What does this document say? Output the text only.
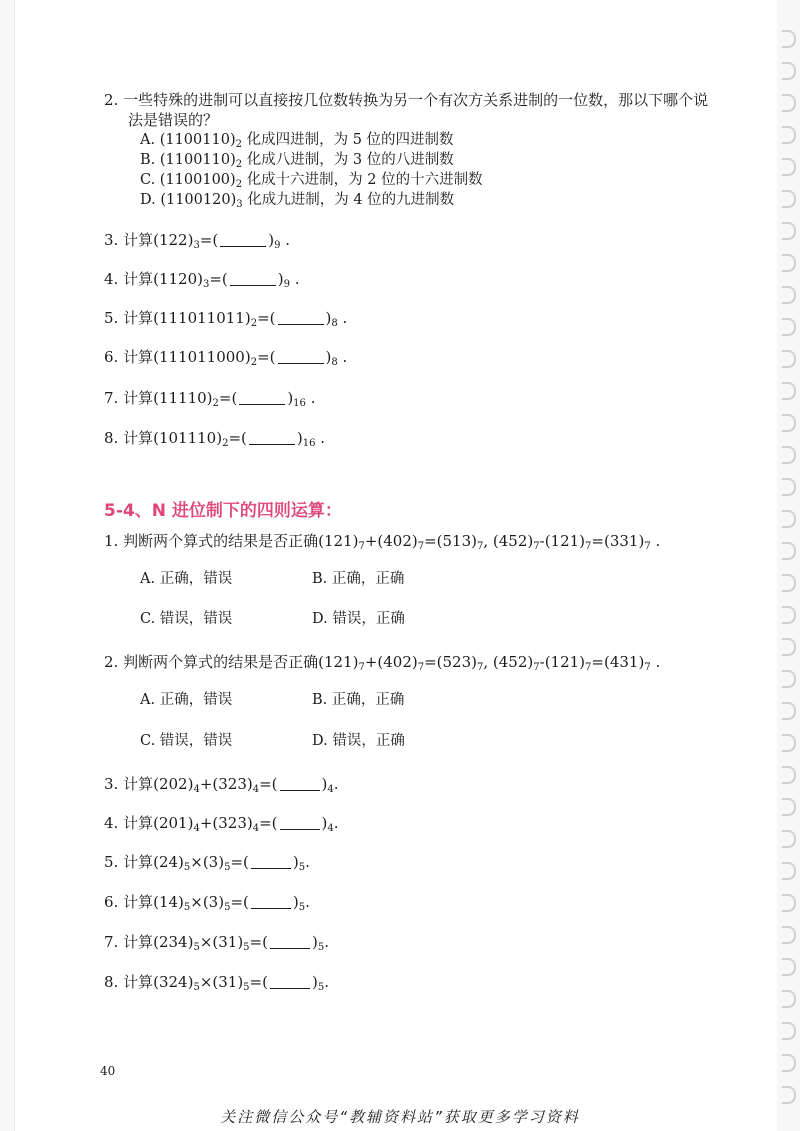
2. 一些特殊的进制可以直接按几位数转换为另一个有次方关系进制的一位数，那以下哪个说
法是错误的？
A. $(1100110)_2$ 化成四进制，为 5 位的四进制数
B. $(1100110)_2$ 化成八进制，为 3 位的八进制数
C. $(1100100)_2$ 化成十六进制，为 2 位的十六进制数
D. $(1100120)_3$ 化成九进制，为 4 位的九进制数
3. 计算$(122)_3=$(	)$_9$ .
4. 计算$(1120)_3=$(	)$_9$ .
5. 计算$(111011011)_2=$(	)$_8$ .
6. 计算$(111011000)_2=$(	)$_8$ .
7. 计算$(11110)_2=$(	)$_{16}$ .
8. 计算$(101110)_2=$(	)$_{16}$ .
5-4、N 进位制下的四则运算：
1. 判断两个算式的结果是否正确$(121)_7+(402)_7=(513)_7$, $(452)_7-(121)_7=(331)_7$ .
A. 正确，错误	B. 正确，正确
C. 错误，错误	D. 错误，正确
2. 判断两个算式的结果是否正确$(121)_7+(402)_7=(523)_7$, $(452)_7-(121)_7=(431)_7$ .
A. 正确，错误	B. 正确，正确
C. 错误，错误	D. 错误，正确
3. 计算$(202)_4+(323)_4=$(	)$_4$.
4. 计算$(201)_4+(323)_4=$(	)$_4$.
5. 计算$(24)_5\times(3)_5=$(	)$_5$.
6. 计算$(14)_5\times(3)_5=$(	)$_5$.
7. 计算$(234)_5\times(31)_5=$(	)$_5$.
8. 计算$(324)_5\times(31)_5=$(	)$_5$.
40
关注微信公众号“教辅资料站”获取更多学习资料
